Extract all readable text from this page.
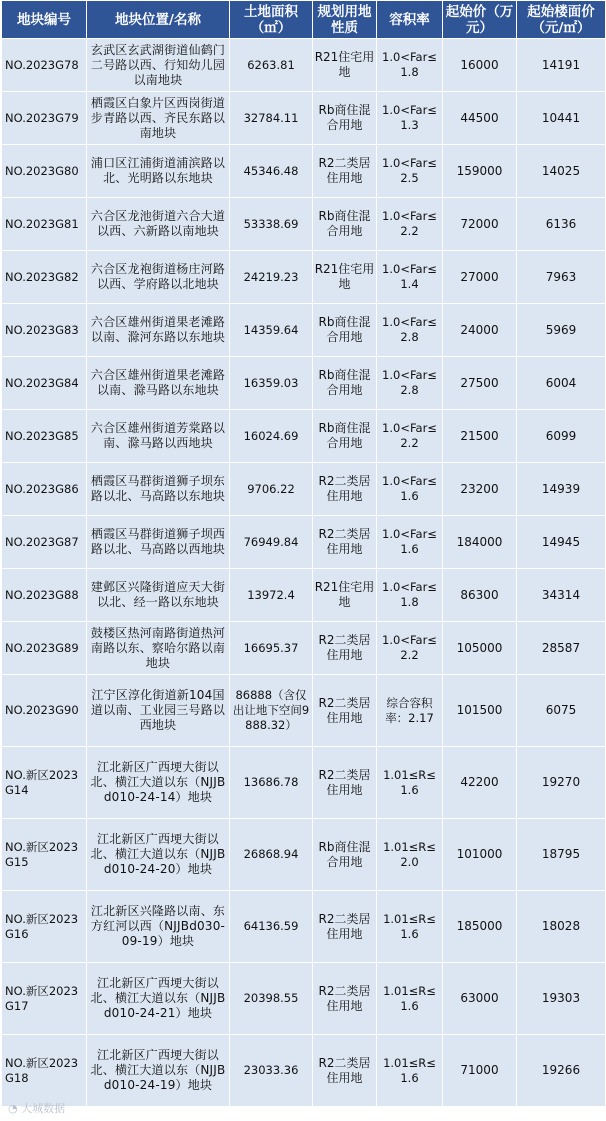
地块编号	地块位置/名称	土地面积（㎡）	规划用地性质	容积率	起始价（万元）	起始楼面价（元/㎡）
NO.2023G78	玄武区玄武湖街道仙鹤门二号路以西、行知幼儿园以南地块	6263.81	R21住宅用地	1.0<Far≤1.8	16000	14191
NO.2023G79	栖霞区白象片区西岗街道步青路以西、齐民东路以南地块	32784.11	Rb商住混合用地	1.0<Far≤1.3	44500	10441
NO.2023G80	浦口区江浦街道浦滨路以北、光明路以东地块	45346.48	R2二类居住用地	1.0<Far≤2.5	159000	14025
NO.2023G81	六合区龙池街道六合大道以西、六新路以南地块	53338.69	Rb商住混合用地	1.0<Far≤2.2	72000	6136
NO.2023G82	六合区龙袍街道杨庄河路以西、学府路以北地块	24219.23	R21住宅用地	1.0<Far≤1.4	27000	7963
NO.2023G83	六合区雄州街道果老滩路以南、滁河东路以东地块	14359.64	Rb商住混合用地	1.0<Far≤2.8	24000	5969
NO.2023G84	六合区雄州街道果老滩路以南、滁马路以东地块	16359.03	Rb商住混合用地	1.0<Far≤2.8	27500	6004
NO.2023G85	六合区雄州街道芳棠路以南、滁马路以西地块	16024.69	Rb商住混合用地	1.0<Far≤2.2	21500	6099
NO.2023G86	栖霞区马群街道狮子坝东路以北、马高路以东地块	9706.22	R2二类居住用地	1.0<Far≤1.6	23200	14939
NO.2023G87	栖霞区马群街道狮子坝西路以北、马高路以西地块	76949.84	R2二类居住用地	1.0<Far≤1.6	184000	14945
NO.2023G88	建邺区兴隆街道应天大街以北、经一路以东地块	13972.4	R21住宅用地	1.0<Far≤1.8	86300	34314
NO.2023G89	鼓楼区热河南路街道热河南路以东、察哈尔路以南地块	16695.37	R2二类居住用地	1.0<Far≤2.2	105000	28587
NO.2023G90	江宁区淳化街道新104国道以南、工业园三号路以西地块	86888（含仅出让地下空间9888.32）	R2二类居住用地	综合容积率：2.17	101500	6075
NO.新区2023G14	江北新区广西埂大街以北、横江大道以东（NJJBd010-24-14）地块	13686.78	R2二类居住用地	1.01≤R≤1.6	42200	19270
NO.新区2023G15	江北新区广西埂大街以北、横江大道以东（NJJBd010-24-20）地块	26868.94	Rb商住混合用地	1.01≤R≤2.0	101000	18795
NO.新区2023G16	江北新区兴隆路以南、东方红河以西（NJJBd030-09-19）地块	64136.59	R2二类居住用地	1.01≤R≤1.6	185000	18028
NO.新区2023G17	江北新区广西埂大街以北、横江大道以东（NJJBd010-24-21）地块	20398.55	R2二类居住用地	1.01≤R≤1.6	63000	19303
NO.新区2023G18	江北新区广西埂大街以北、横江大道以东（NJJBd010-24-19）地块	23033.36	R2二类居住用地	1.01≤R≤1.6	71000	19266
◔ 大城数据
